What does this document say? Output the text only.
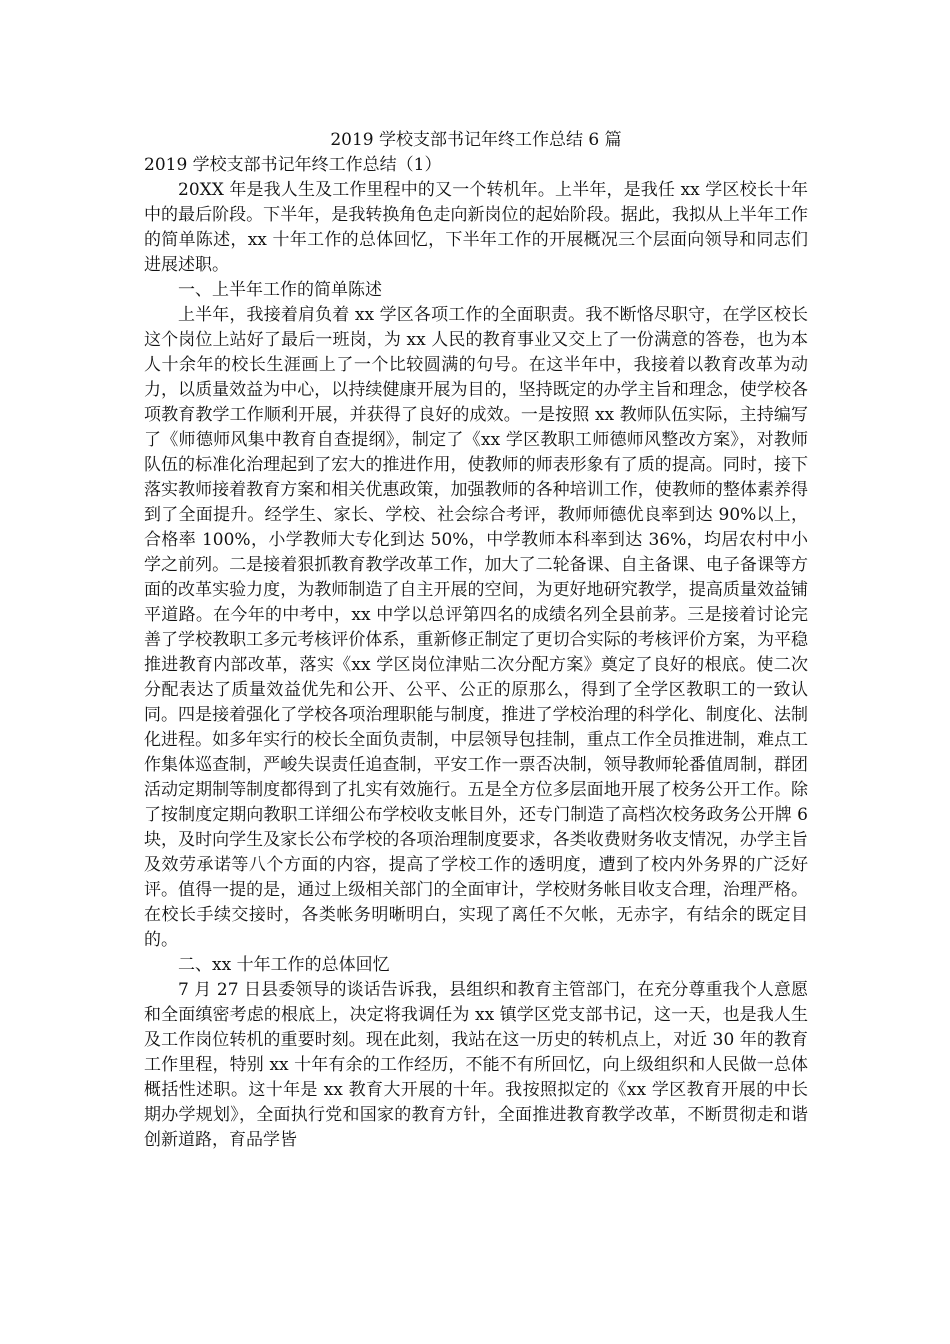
2019 学校支部书记年终工作总结 6 篇
2019 学校支部书记年终工作总结（1）

20XX 年是我人生及工作里程中的又一个转机年。上半年，是我任 xx 学区校长十年中的最后阶段。下半年，是我转换角色走向新岗位的起始阶段。据此，我拟从上半年工作的简单陈述，xx 十年工作的总体回忆，下半年工作的开展概况三个层面向领导和同志们进展述职。

一、上半年工作的简单陈述

上半年，我接着肩负着 xx 学区各项工作的全面职责。我不断恪尽职守，在学区校长这个岗位上站好了最后一班岗，为 xx 人民的教育事业又交上了一份满意的答卷，也为本人十余年的校长生涯画上了一个比较圆满的句号。在这半年中，我接着以教育改革为动力，以质量效益为中心，以持续健康开展为目的，坚持既定的办学主旨和理念，使学校各项教育教学工作顺利开展，并获得了良好的成效。一是按照 xx 教师队伍实际，主持编写了《师德师风集中教育自查提纲》，制定了《xx 学区教职工师德师风整改方案》，对教师队伍的标准化治理起到了宏大的推进作用，使教师的师表形象有了质的提高。同时，接下落实教师接着教育方案和相关优惠政策，加强教师的各种培训工作，使教师的整体素养得到了全面提升。经学生、家长、学校、社会综合考评，教师师德优良率到达 90%以上，合格率 100%，小学教师大专化到达 50%，中学教师本科率到达 36%，均居农村中小学之前列。二是接着狠抓教育教学改革工作，加大了二轮备课、自主备课、电子备课等方面的改革实验力度，为教师制造了自主开展的空间，为更好地研究教学，提高质量效益铺平道路。在今年的中考中，xx 中学以总评第四名的成绩名列全县前茅。三是接着讨论完善了学校教职工多元考核评价体系，重新修正制定了更切合实际的考核评价方案，为平稳推进教育内部改革，落实《xx 学区岗位津贴二次分配方案》奠定了良好的根底。使二次分配表达了质量效益优先和公开、公平、公正的原那么，得到了全学区教职工的一致认同。四是接着强化了学校各项治理职能与制度，推进了学校治理的科学化、制度化、法制化进程。如多年实行的校长全面负责制，中层领导包挂制，重点工作全员推进制，难点工作集体巡查制，严峻失误责任追查制，平安工作一票否决制，领导教师轮番值周制，群团活动定期制等制度都得到了扎实有效施行。五是全方位多层面地开展了校务公开工作。除了按制度定期向教职工详细公布学校收支帐目外，还专门制造了高档次校务政务公开牌 6 块，及时向学生及家长公布学校的各项治理制度要求，各类收费财务收支情况，办学主旨及效劳承诺等八个方面的内容，提高了学校工作的透明度，遭到了校内外务界的广泛好评。值得一提的是，通过上级相关部门的全面审计，学校财务帐目收支合理，治理严格。在校长手续交接时，各类帐务明晰明白，实现了离任不欠帐，无赤字，有结余的既定目的。

二、xx 十年工作的总体回忆

7 月 27 日县委领导的谈话告诉我，县组织和教育主管部门，在充分尊重我个人意愿和全面缜密考虑的根底上，决定将我调任为 xx 镇学区党支部书记，这一天，也是我人生及工作岗位转机的重要时刻。现在此刻，我站在这一历史的转机点上，对近 30 年的教育工作里程，特别 xx 十年有余的工作经历，不能不有所回忆，向上级组织和人民做一总体概括性述职。这十年是 xx 教育大开展的十年。我按照拟定的《xx 学区教育开展的中长期办学规划》，全面执行党和国家的教育方针，全面推进教育教学改革，不断贯彻走和谐创新道路，育品学皆
